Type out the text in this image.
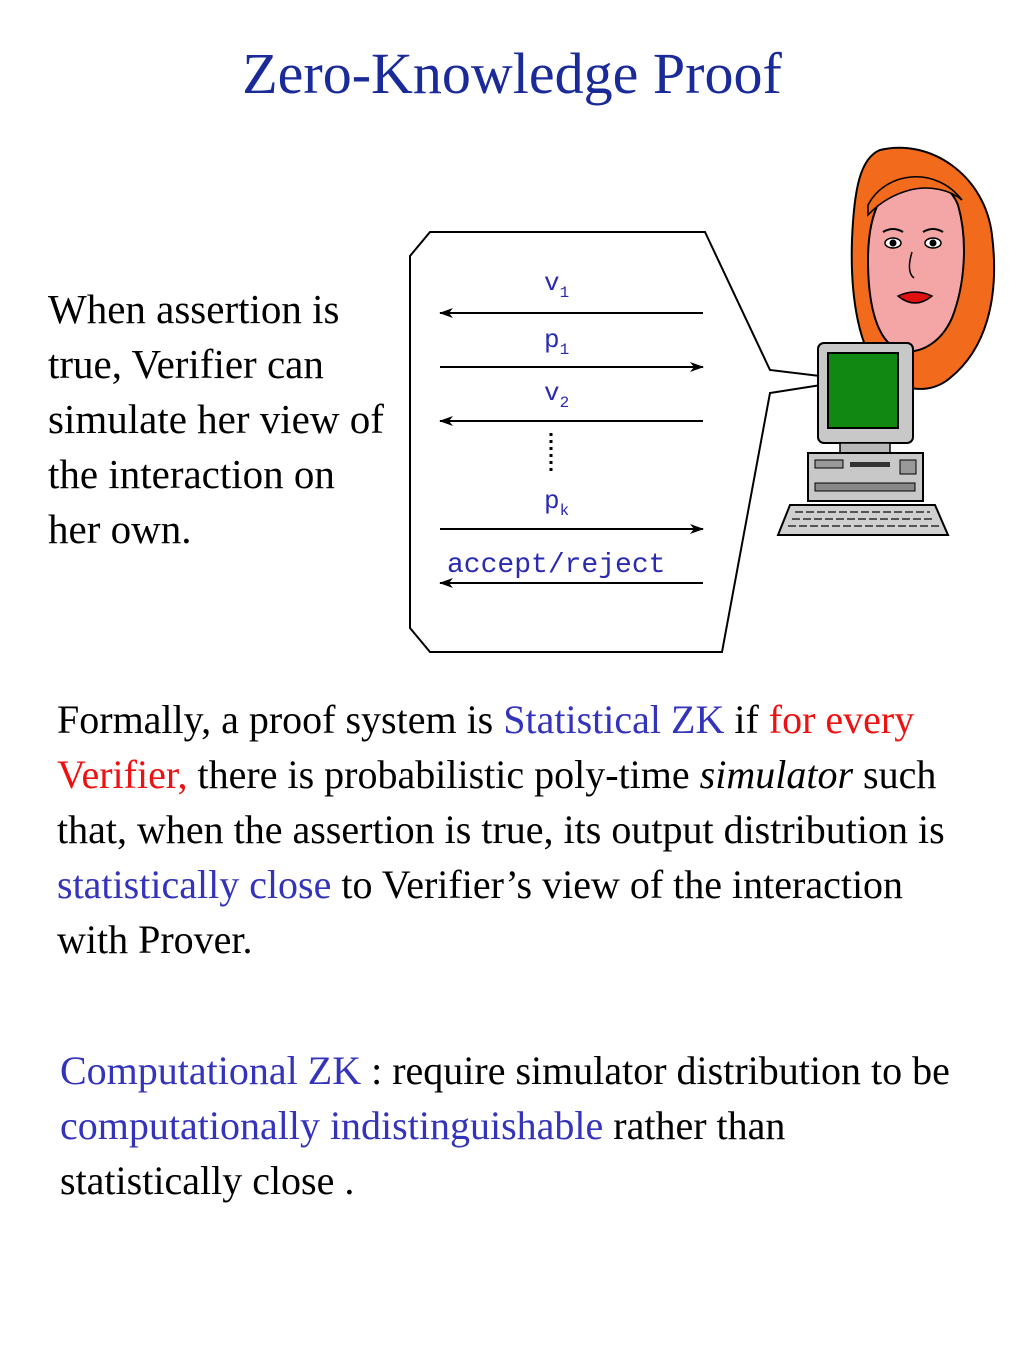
Zero-Knowledge Proof
When assertion is true, Verifier can simulate her view of the interaction on her own.
$v_1$
$p_1$
$v_2$
$p_k$
accept/reject
Formally, a proof system is Statistical ZK if for every Verifier, there is probabilistic poly-time simulator such that, when the assertion is true, its output distribution is statistically close to Verifier’s view of the interaction with Prover.
Computational ZK : require simulator distribution to be computationally indistinguishable rather than statistically close .
